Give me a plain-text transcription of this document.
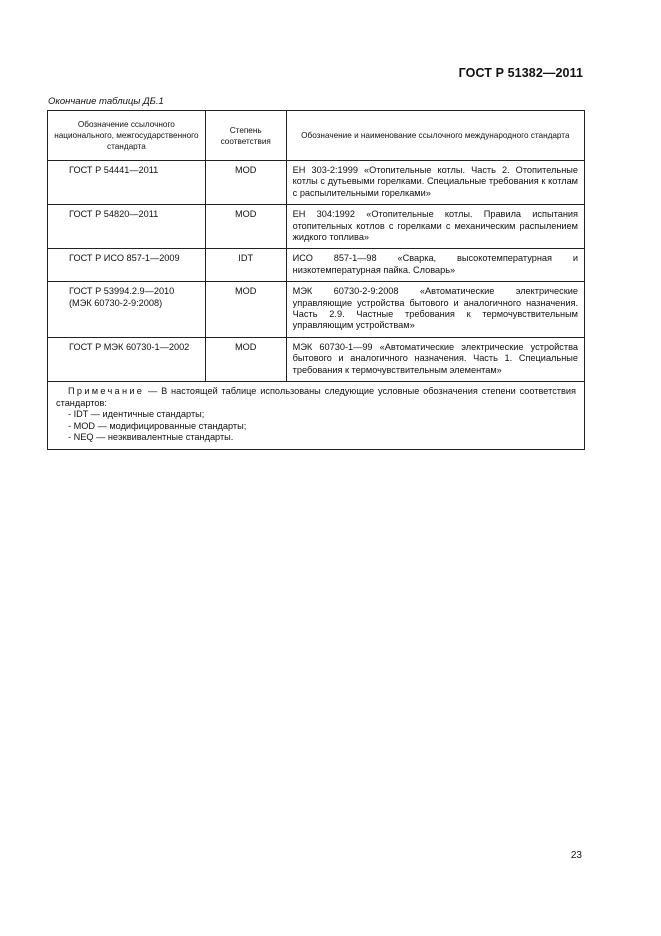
ГОСТ Р 51382—2011
Окончание таблицы ДБ.1
Обозначение ссылочного национального, межгосударственного стандарта	Степень соответствия	Обозначение и наименование ссылочного международного стандарта
ГОСТ Р 54441—2011	MOD	ЕН 303-2:1999 «Отопительные котлы. Часть 2. Отопительные котлы с дутьевыми горелками. Специальные требования к котлам с распылительными горелками»
ГОСТ Р 54820—2011	MOD	ЕН 304:1992 «Отопительные котлы. Правила испытания отопительных котлов с горелками с механическим распылением жидкого топлива»
ГОСТ Р ИСО 857-1—2009	IDT	ИСО 857-1—98 «Сварка, высокотемпературная и низкотемпературная пайка. Словарь»
ГОСТ Р 53994.2.9—2010 (МЭК 60730-2-9:2008)	MOD	МЭК 60730-2-9:2008 «Автоматические электрические управляющие устройства бытового и аналогичного назначения. Часть 2.9. Частные требования к термочувствительным управляющим устройствам»
ГОСТ Р МЭК 60730-1—2002	MOD	МЭК 60730-1—99 «Автоматические электрические устройства бытового и аналогичного назначения. Часть 1. Специальные требования к термочувствительным элементам»

Примечание — В настоящей таблице использованы следующие условные обозначения степени соответствия стандартов:
- IDT — идентичные стандарты;
- MOD — модифицированные стандарты;
- NEQ — неэквивалентные стандарты.		
23
